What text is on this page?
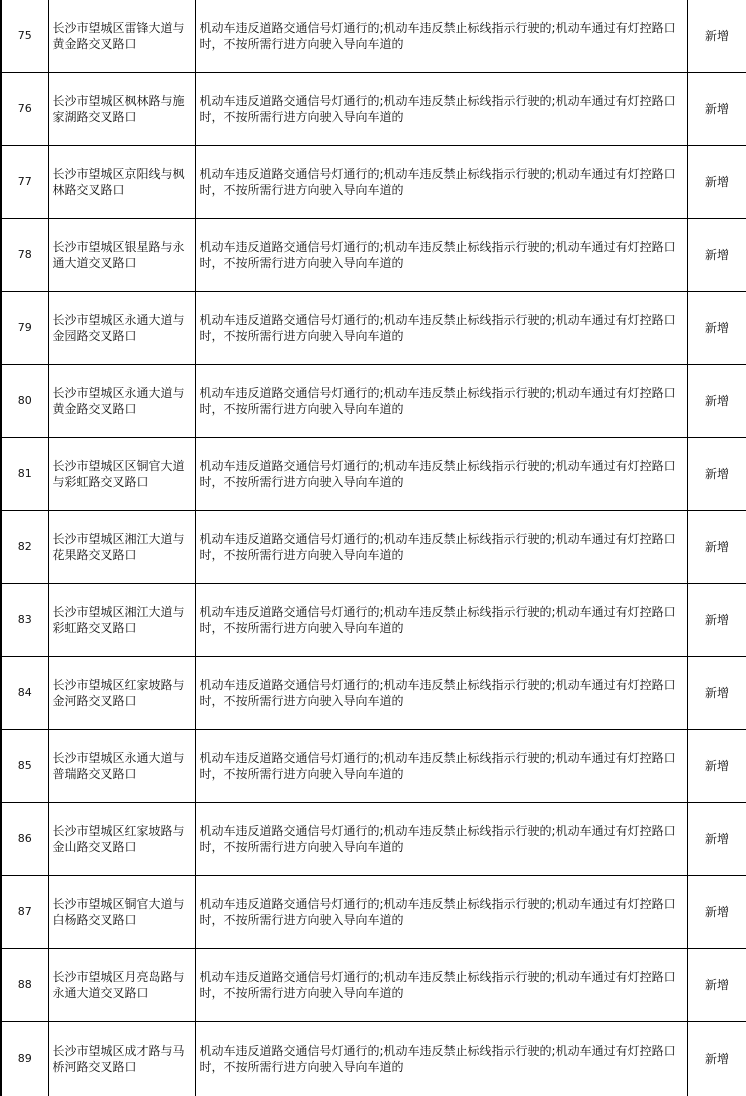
75	长沙市望城区雷锋大道与黄金路交叉路口	机动车违反道路交通信号灯通行的;机动车违反禁止标线指示行驶的;机动车通过有灯控路口时，不按所需行进方向驶入导向车道的	新增
76	长沙市望城区枫林路与施家湖路交叉路口	机动车违反道路交通信号灯通行的;机动车违反禁止标线指示行驶的;机动车通过有灯控路口时，不按所需行进方向驶入导向车道的	新增
77	长沙市望城区京阳线与枫林路交叉路口	机动车违反道路交通信号灯通行的;机动车违反禁止标线指示行驶的;机动车通过有灯控路口时，不按所需行进方向驶入导向车道的	新增
78	长沙市望城区银星路与永通大道交叉路口	机动车违反道路交通信号灯通行的;机动车违反禁止标线指示行驶的;机动车通过有灯控路口时，不按所需行进方向驶入导向车道的	新增
79	长沙市望城区永通大道与金园路交叉路口	机动车违反道路交通信号灯通行的;机动车违反禁止标线指示行驶的;机动车通过有灯控路口时，不按所需行进方向驶入导向车道的	新增
80	长沙市望城区永通大道与黄金路交叉路口	机动车违反道路交通信号灯通行的;机动车违反禁止标线指示行驶的;机动车通过有灯控路口时，不按所需行进方向驶入导向车道的	新增
81	长沙市望城区区铜官大道与彩虹路交叉路口	机动车违反道路交通信号灯通行的;机动车违反禁止标线指示行驶的;机动车通过有灯控路口时，不按所需行进方向驶入导向车道的	新增
82	长沙市望城区湘江大道与花果路交叉路口	机动车违反道路交通信号灯通行的;机动车违反禁止标线指示行驶的;机动车通过有灯控路口时，不按所需行进方向驶入导向车道的	新增
83	长沙市望城区湘江大道与彩虹路交叉路口	机动车违反道路交通信号灯通行的;机动车违反禁止标线指示行驶的;机动车通过有灯控路口时，不按所需行进方向驶入导向车道的	新增
84	长沙市望城区红家坡路与金河路交叉路口	机动车违反道路交通信号灯通行的;机动车违反禁止标线指示行驶的;机动车通过有灯控路口时，不按所需行进方向驶入导向车道的	新增
85	长沙市望城区永通大道与普瑞路交叉路口	机动车违反道路交通信号灯通行的;机动车违反禁止标线指示行驶的;机动车通过有灯控路口时，不按所需行进方向驶入导向车道的	新增
86	长沙市望城区红家坡路与金山路交叉路口	机动车违反道路交通信号灯通行的;机动车违反禁止标线指示行驶的;机动车通过有灯控路口时，不按所需行进方向驶入导向车道的	新增
87	长沙市望城区铜官大道与白杨路交叉路口	机动车违反道路交通信号灯通行的;机动车违反禁止标线指示行驶的;机动车通过有灯控路口时，不按所需行进方向驶入导向车道的	新增
88	长沙市望城区月亮岛路与永通大道交叉路口	机动车违反道路交通信号灯通行的;机动车违反禁止标线指示行驶的;机动车通过有灯控路口时，不按所需行进方向驶入导向车道的	新增
89	长沙市望城区成才路与马桥河路交叉路口	机动车违反道路交通信号灯通行的;机动车违反禁止标线指示行驶的;机动车通过有灯控路口时，不按所需行进方向驶入导向车道的	新增
